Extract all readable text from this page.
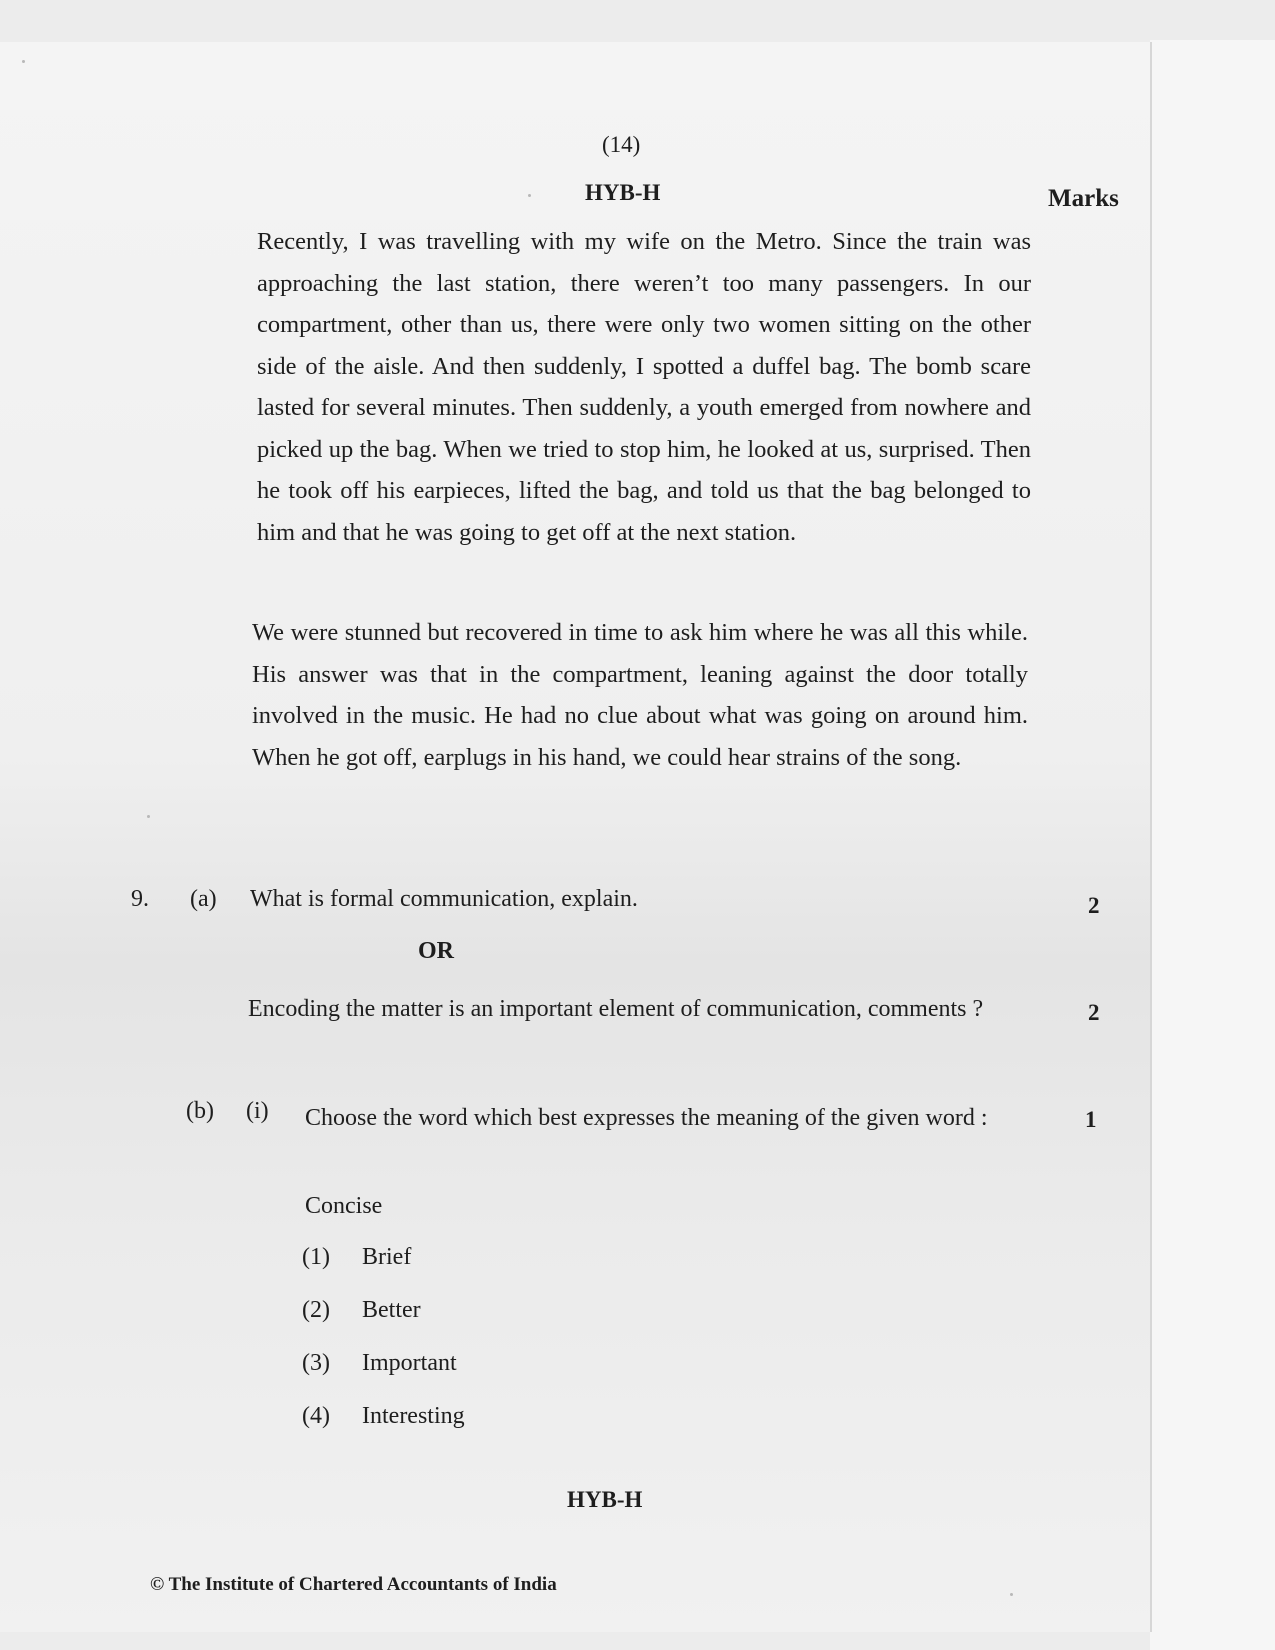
(14)
HYB-H	Marks

Recently, I was travelling with my wife on the Metro. Since the train was approaching the last station, there weren’t too many passengers. In our compartment, other than us, there were only two women sitting on the other side of the aisle. And then suddenly, I spotted a duffel bag. The bomb scare lasted for several minutes. Then suddenly, a youth emerged from nowhere and picked up the bag. When we tried to stop him, he looked at us, surprised. Then he took off his earpieces, lifted the bag, and told us that the bag belonged to him and that he was going to get off at the next station.

We were stunned but recovered in time to ask him where he was all this while. His answer was that in the compartment, leaning against the door totally involved in the music. He had no clue about what was going on around him. When he got off, earplugs in his hand, we could hear strains of the song.

9. (a) What is formal communication, explain.	2
OR

Encoding the matter is an important element of communication, comments ?	2
(b) (i) Choose the word which best expresses the meaning of the given word :	1
Concise
(1) Brief
(2) Better
(3) Important
(4) Interesting
HYB-H
© The Institute of Chartered Accountants of India
